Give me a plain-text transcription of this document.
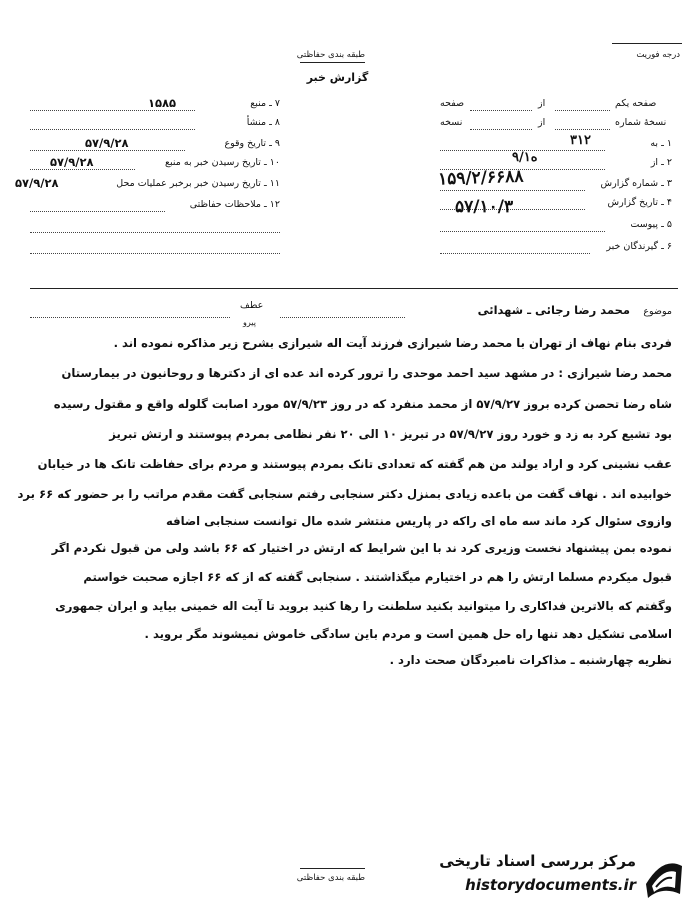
طبقه بندی حفاظتی
گزارش خبر
درجه فوریت
صفحه یکم
از
صفحه
نسخهٔ شماره
از
نسخه
۱ ـ به
۳۱۲
۲ ـ از
۹/ه۱
۳ ـ شماره گزارش
۱۵۹/۲/۶۶۸۸
۴ ـ تاریخ گزارش
۵۷/۱۰/۳
۵ ـ پیوست
۶ ـ گیرندگان خبر
۷ ـ منبع
۱۵۸۵
۸ ـ منشأ
۹ ـ تاریخ وقوع
۵۷/۹/۲۸
۱۰ ـ تاریخ رسیدن خبر به منبع
۵۷/۹/۲۸
۱۱ ـ تاریخ رسیدن خبر برخبر عملیات محل
۵۷/۹/۲۸
۱۲ ـ ملاحظات حفاظتی
موضوع
محمد رضا رجائی ـ شهدائی
عطف
پیرو
فردی بنام نهاف از تهران با محمد رضا شیرازی فرزند آیت اله شیرازی بشرح زیر مذاکره نموده اند .
محمد رضا شیرازی : در مشهد سید احمد موحدی را ترور کرده اند عده ای از دکترها و روحانیون در بیمارستان
شاه رضا تحصن کرده بروز ۵۷/۹/۲۷ از محمد منفرد که در روز ۵۷/۹/۲۳ مورد اصابت گلوله واقع و مقتول رسیده
بود تشیع کرد به زد و خورد روز ۵۷/۹/۲۷ در تبریز ۱۰ الی ۲۰ نفر نظامی بمردم پیوستند و ارتش تبریز
عقب نشینی کرد و اراد یولند من هم گفته که تعدادی تانک بمردم پیوستند و مردم برای حفاظت تانک ها در خیابان
خوابیده اند . نهاف گفت من باعده زیادی بمنزل دکتر سنجابی رفتم سنجابی گفت مقدم مراتب را بر حضور که ۶۶ برد
وازوی سئوال کرد ماند سه ماه ای راکه در پاریس منتشر شده مال توانست سنجابی اضافه
نموده بمن پیشنهاد نخست وزیری کرد ند با این شرایط که ارتش در اختیار که ۶۶ باشد ولی من قبول نکردم اگر
قبول میکردم مسلما ارتش را هم در اختیارم میگذاشتند . سنجابی گفته که از که ۶۶ اجازه صحبت خواستم
وگفتم که بالاترین فداکاری را میتوانید بکنید سلطنت را رها کنید بروید تا آیت اله خمینی بیاید و ایران جمهوری
اسلامی تشکیل دهد تنها راه حل همین است و مردم باین سادگی خاموش نمیشوند مگر بروید .
نظریه چهارشنبه ـ مذاکرات نامبردگان صحت دارد .
طبقه بندی حفاظتی
مرکز بررسی اسناد تاریخی
historydocuments.ir
